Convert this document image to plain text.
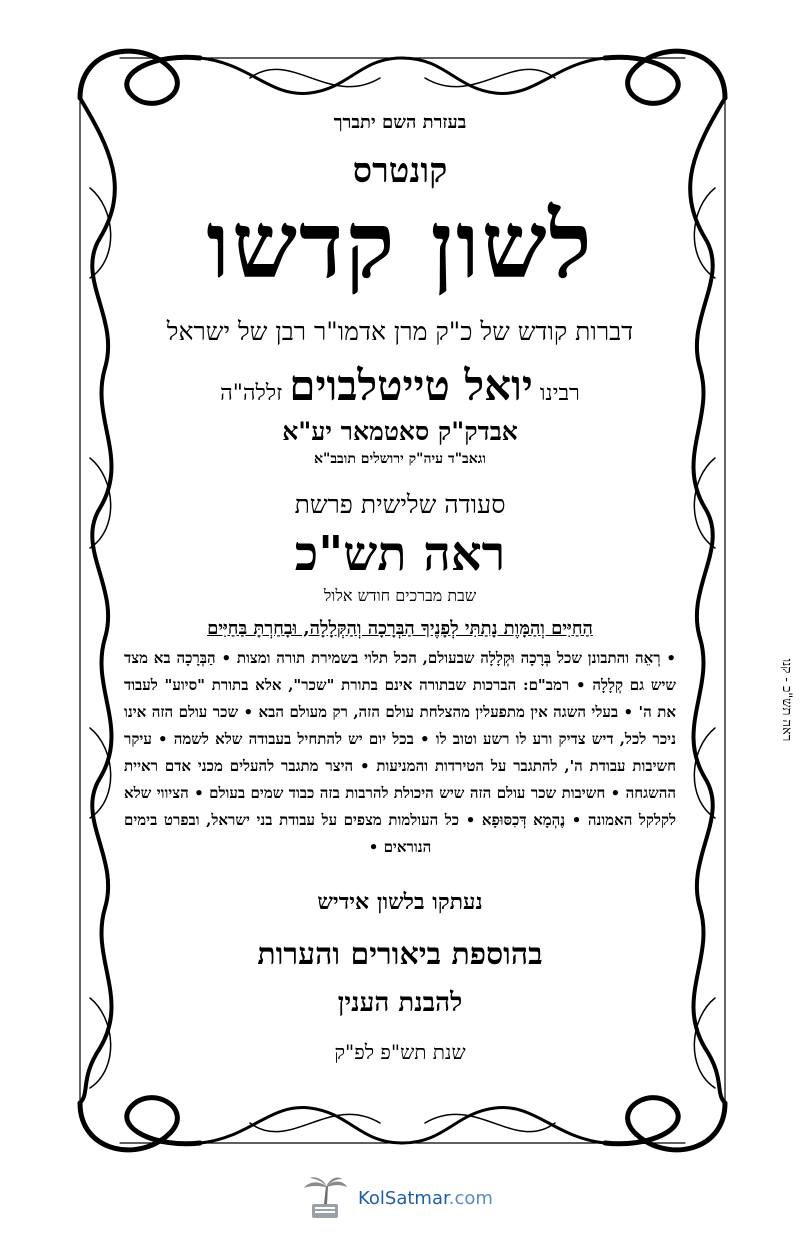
בעזרת השם יתברך

קונטרס

לשון קדשו

דברות קודש של כ"ק מרן אדמו"ר רבן של ישראל

רבינו יואל טייטלבוים זללה"ה

אבדק"ק סאטמאר יע"א

וגאב"ד עיה"ק ירושלים תובב"א

סעודה שלישית פרשת

ראה תש"כ

שבת מברכים חודש אלול

הַחַיִּים וְהַמָּוֶת נָתַתִּי לְפָנֶיךָ הַבְּרָכָה וְהַקְּלָלָה, וּבָחַרְתָּ בַּחַיִּים

• רְאֵה והתבונן שכל בְּרָכָה וּקְלָלָה שבעולם, הכל תלוי בשמירת תורה ומצות • הַבְּרָכָה בא מצד שיש גם קְלָלָה • רמב"ם: הברכות שבתורה אינם בתורת "שכר", אלא בתורת "סיוע" לעבוד את ה' • בעלי השגה אין מתפעלין מהצלחת עולם הזה, רק מעולם הבא • שכר עולם הזה אינו ניכר לכל, דיש צדיק ורע לו רשע וטוב לו • בכל יום יש להתחיל בעבודה שלא לשמה • עיקר חשיבות עבודת ה', להתגבר על הטירדות והמניעות • היצר מתגבר להעלים מכני אדם ראיית ההשגחה • חשיבות שכר עולם הזה שיש היכולת להרבות בזה כבוד שמים בעולם • הציווי שלא לקלקל האמונה • נֶהְמָא דְּכִסּוּפָא • כל העולמות מצפים על עבודת בני ישראל, ובפרט בימים הנוראים •

נעתקו בלשון אידיש

בהוספת ביאורים והערות

להבנת הענין

שנת תש"פ לפ"ק

ראה תש"כ - קנו
KolSatmar.com
